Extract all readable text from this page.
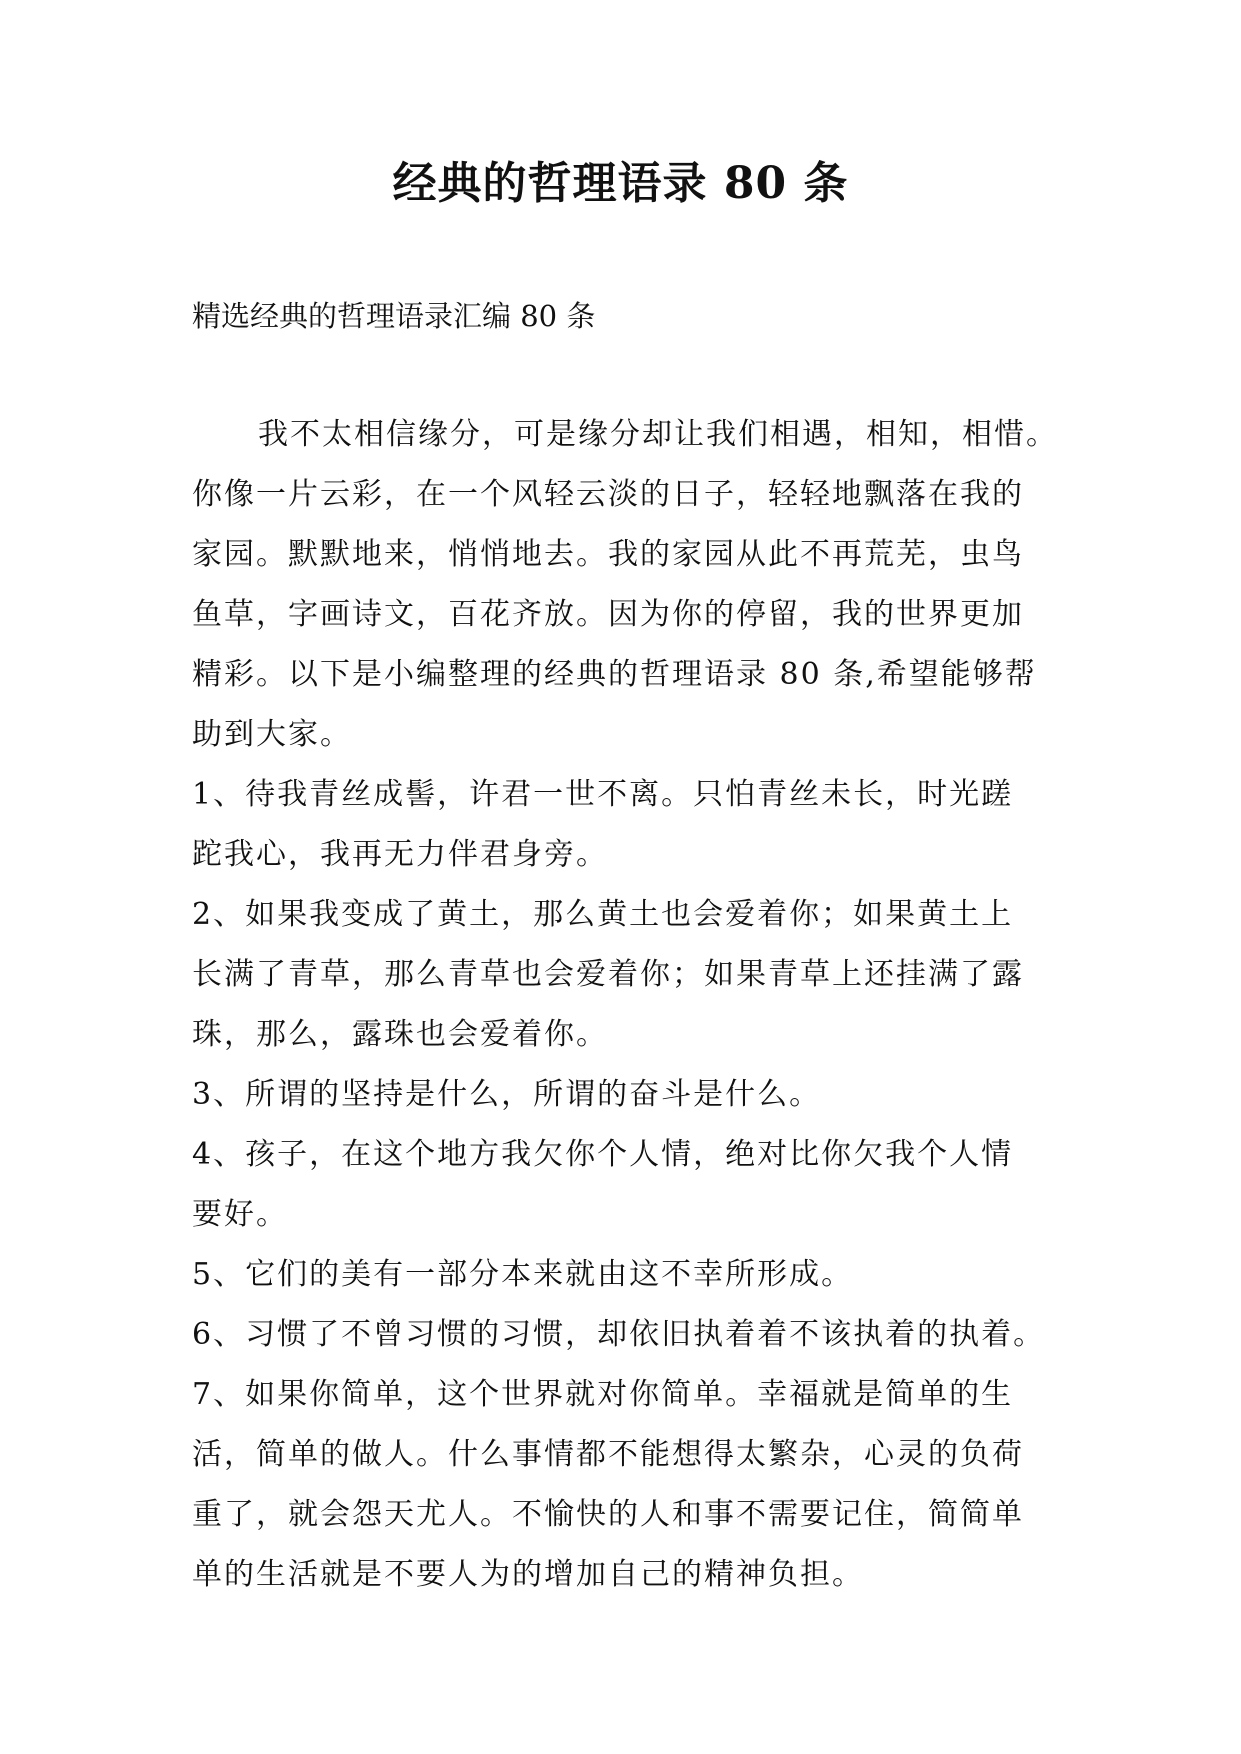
经典的哲理语录 80 条
精选经典的哲理语录汇编 80 条
我不太相信缘分，可是缘分却让我们相遇，相知，相惜。
你像一片云彩，在一个风轻云淡的日子，轻轻地飘落在我的
家园。默默地来，悄悄地去。我的家园从此不再荒芜，虫鸟
鱼草，字画诗文，百花齐放。因为你的停留，我的世界更加
精彩。以下是小编整理的经典的哲理语录 80 条,希望能够帮
助到大家。
1、待我青丝成髻，许君一世不离。只怕青丝未长，时光蹉
跎我心，我再无力伴君身旁。
2、如果我变成了黄土，那么黄土也会爱着你；如果黄土上
长满了青草，那么青草也会爱着你；如果青草上还挂满了露
珠，那么，露珠也会爱着你。
3、所谓的坚持是什么，所谓的奋斗是什么。
4、孩子，在这个地方我欠你个人情，绝对比你欠我个人情
要好。
5、它们的美有一部分本来就由这不幸所形成。
6、习惯了不曾习惯的习惯，却依旧执着着不该执着的执着。
7、如果你简单，这个世界就对你简单。幸福就是简单的生
活，简单的做人。什么事情都不能想得太繁杂，心灵的负荷
重了，就会怨天尤人。不愉快的人和事不需要记住，简简单
单的生活就是不要人为的增加自己的精神负担。
